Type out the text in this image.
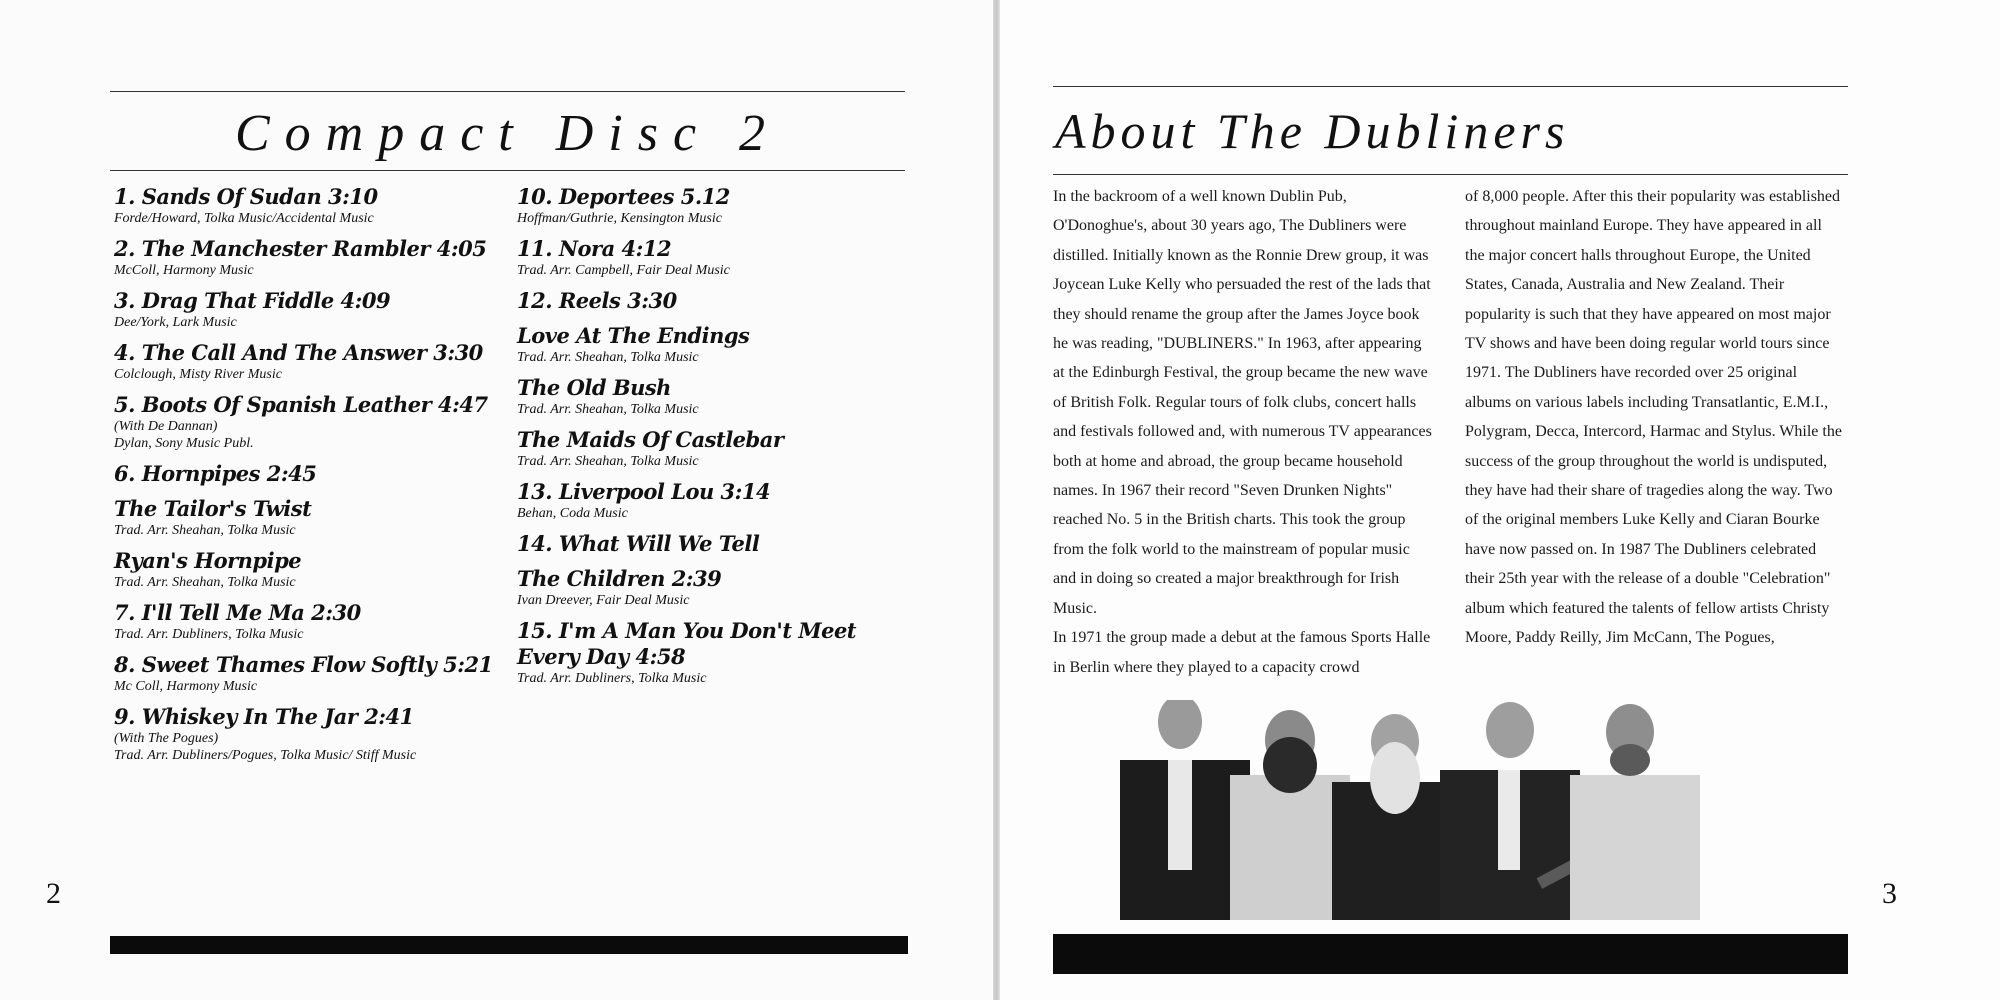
Compact Disc 2
1. Sands Of Sudan 3:10
Forde/Howard, Tolka Music/Accidental Music
2. The Manchester Rambler 4:05
McColl, Harmony Music
3. Drag That Fiddle 4:09
Dee/York, Lark Music
4. The Call And The Answer 3:30
Colclough, Misty River Music
5. Boots Of Spanish Leather 4:47
(With De Dannan)
Dylan, Sony Music Publ.
6. Hornpipes 2:45
The Tailor's Twist
Trad. Arr. Sheahan, Tolka Music
Ryan's Hornpipe
Trad. Arr. Sheahan, Tolka Music
7. I'll Tell Me Ma 2:30
Trad. Arr. Dubliners, Tolka Music
8. Sweet Thames Flow Softly 5:21
Mc Coll, Harmony Music
9. Whiskey In The Jar 2:41
(With The Pogues)
Trad. Arr. Dubliners/Pogues, Tolka Music/ Stiff Music
10. Deportees 5.12
Hoffman/Guthrie, Kensington Music
11. Nora 4:12
Trad. Arr. Campbell, Fair Deal Music
12. Reels 3:30
Love At The Endings
Trad. Arr. Sheahan, Tolka Music
The Old Bush
Trad. Arr. Sheahan, Tolka Music
The Maids Of Castlebar
Trad. Arr. Sheahan, Tolka Music
13. Liverpool Lou 3:14
Behan, Coda Music
14. What Will We Tell
The Children 2:39
Ivan Dreever, Fair Deal Music
15. I'm A Man You Don't Meet Every Day 4:58
Trad. Arr. Dubliners, Tolka Music
2
About The Dubliners

In the backroom of a well known Dublin Pub, O'Donoghue's, about 30 years ago, The Dubliners were distilled. Initially known as the Ronnie Drew group, it was Joycean Luke Kelly who persuaded the rest of the lads that they should rename the group after the James Joyce book he was reading, "DUBLINERS." In 1963, after appearing at the Edinburgh Festival, the group became the new wave of British Folk. Regular tours of folk clubs, concert halls and festivals followed and, with numerous TV appearances both at home and abroad, the group became household names. In 1967 their record "Seven Drunken Nights" reached No. 5 in the British charts. This took the group from the folk world to the mainstream of popular music and in doing so created a major breakthrough for Irish Music.

In 1971 the group made a debut at the famous Sports Halle in Berlin where they played to a capacity crowd

of 8,000 people. After this their popularity was established throughout mainland Europe. They have appeared in all the major concert halls throughout Europe, the United States, Canada, Australia and New Zealand. Their popularity is such that they have appeared on most major TV shows and have been doing regular world tours since 1971. The Dubliners have recorded over 25 original albums on various labels including Transatlantic, E.M.I., Polygram, Decca, Intercord, Harmac and Stylus. While the success of the group throughout the world is undisputed, they have had their share of tragedies along the way. Two of the original members Luke Kelly and Ciaran Bourke have now passed on. In 1987 The Dubliners celebrated their 25th year with the release of a double "Celebration" album which featured the talents of fellow artists Christy Moore, Paddy Reilly, Jim McCann, The Pogues,

3
